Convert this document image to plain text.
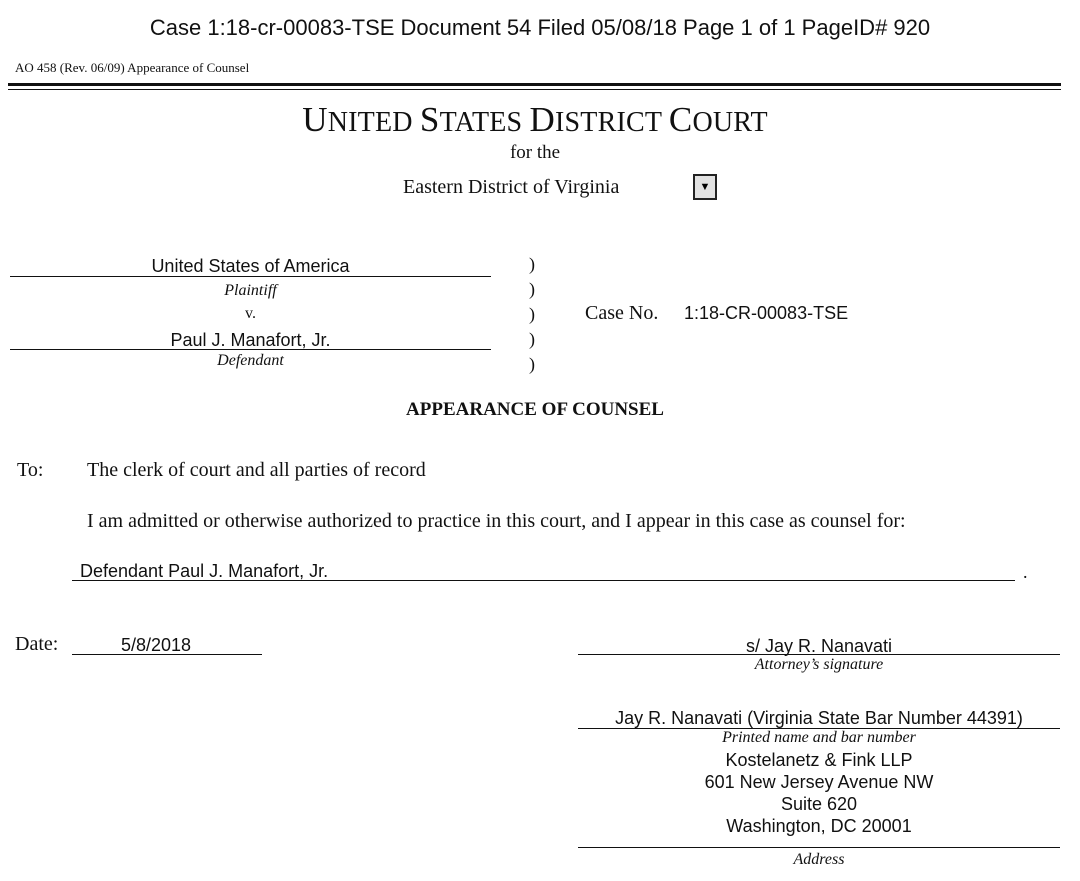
Case 1:18-cr-00083-TSE Document 54 Filed 05/08/18 Page 1 of 1 PageID# 920
AO 458 (Rev. 06/09) Appearance of Counsel
UNITED STATES DISTRICT COURT
for the
Eastern District of Virginia	▼
United States of America
Plaintiff
v.
Paul J. Manafort, Jr.
Defendant
)
)
)
)
)
Case No. 1:18-CR-00083-TSE
APPEARANCE OF COUNSEL
To: The clerk of court and all parties of record
I am admitted or otherwise authorized to practice in this court, and I appear in this case as counsel for:
Defendant Paul J. Manafort, Jr.	.
Date:	5/8/2018	s/ Jay R. Nanavati
Attorney’s signature
Jay R. Nanavati (Virginia State Bar Number 44391)
Printed name and bar number
Kostelanetz & Fink LLP
601 New Jersey Avenue NW
Suite 620
Washington, DC 20001
Address
